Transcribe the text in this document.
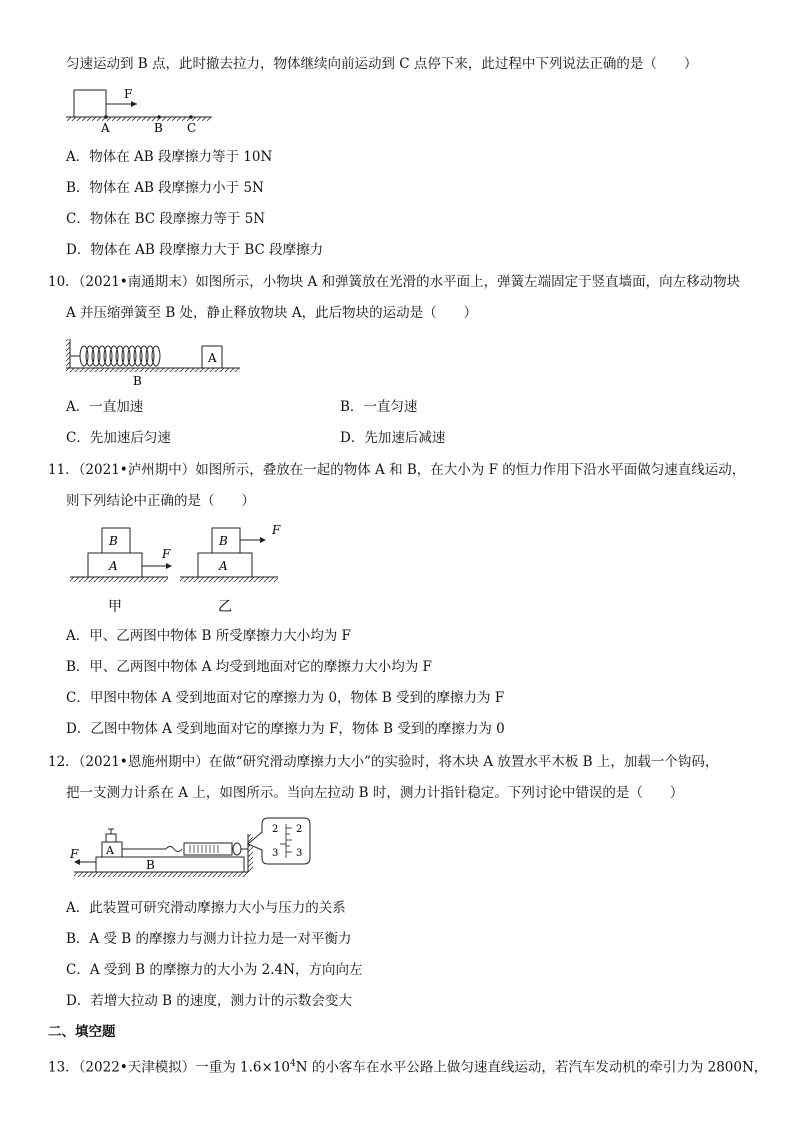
匀速运动到 B 点，此时撤去拉力，物体继续向前运动到 C 点停下来，此过程中下列说法正确的是（　　）
F
A	B C
A．物体在 AB 段摩擦力等于 10N
B．物体在 AB 段摩擦力小于 5N
C．物体在 BC 段摩擦力等于 5N
D．物体在 AB 段摩擦力大于 BC 段摩擦力
10．（2021•南通期末）如图所示，小物块 A 和弹簧放在光滑的水平面上，弹簧左端固定于竖直墙面，向左移动物块
A 并压缩弹簧至 B 处，静止释放物块 A，此后物块的运动是（　　）
A
B
A．一直加速	B．一直匀速
C．先加速后匀速	D．先加速后减速
11．（2021•泸州期中）如图所示，叠放在一起的物体 A 和 B，在大小为 F 的恒力作用下沿水平面做匀速直线运动，
则下列结论中正确的是（　　）
B
A
F
甲
B
A
F
乙
A．甲、乙两图中物体 B 所受摩擦力大小均为 F
B．甲、乙两图中物体 A 均受到地面对它的摩擦力大小均为 F
C．甲图中物体 A 受到地面对它的摩擦力为 0，物体 B 受到的摩擦力为 F
D．乙图中物体 A 受到地面对它的摩擦力为 F，物体 B 受到的摩擦力为 0
12．（2021•恩施州期中）在做“研究滑动摩擦力大小”的实验时，将木块 A 放置水平木板 B 上，加载一个钩码，
把一支测力计系在 A 上，如图所示。当向左拉动 B 时，测力计指针稳定。下列讨论中错误的是（　　）
B
A
F
2
3
2
3
A．此装置可研究滑动摩擦力大小与压力的关系
B．A 受 B 的摩擦力与测力计拉力是一对平衡力
C．A 受到 B 的摩擦力的大小为 2.4N，方向向左
D．若增大拉动 B 的速度，测力计的示数会变大
二、填空题
13．（2022•天津模拟）一重为 $1.6\times 10^4N$ 的小客车在水平公路上做匀速直线运动，若汽车发动机的牵引力为 2800N，
